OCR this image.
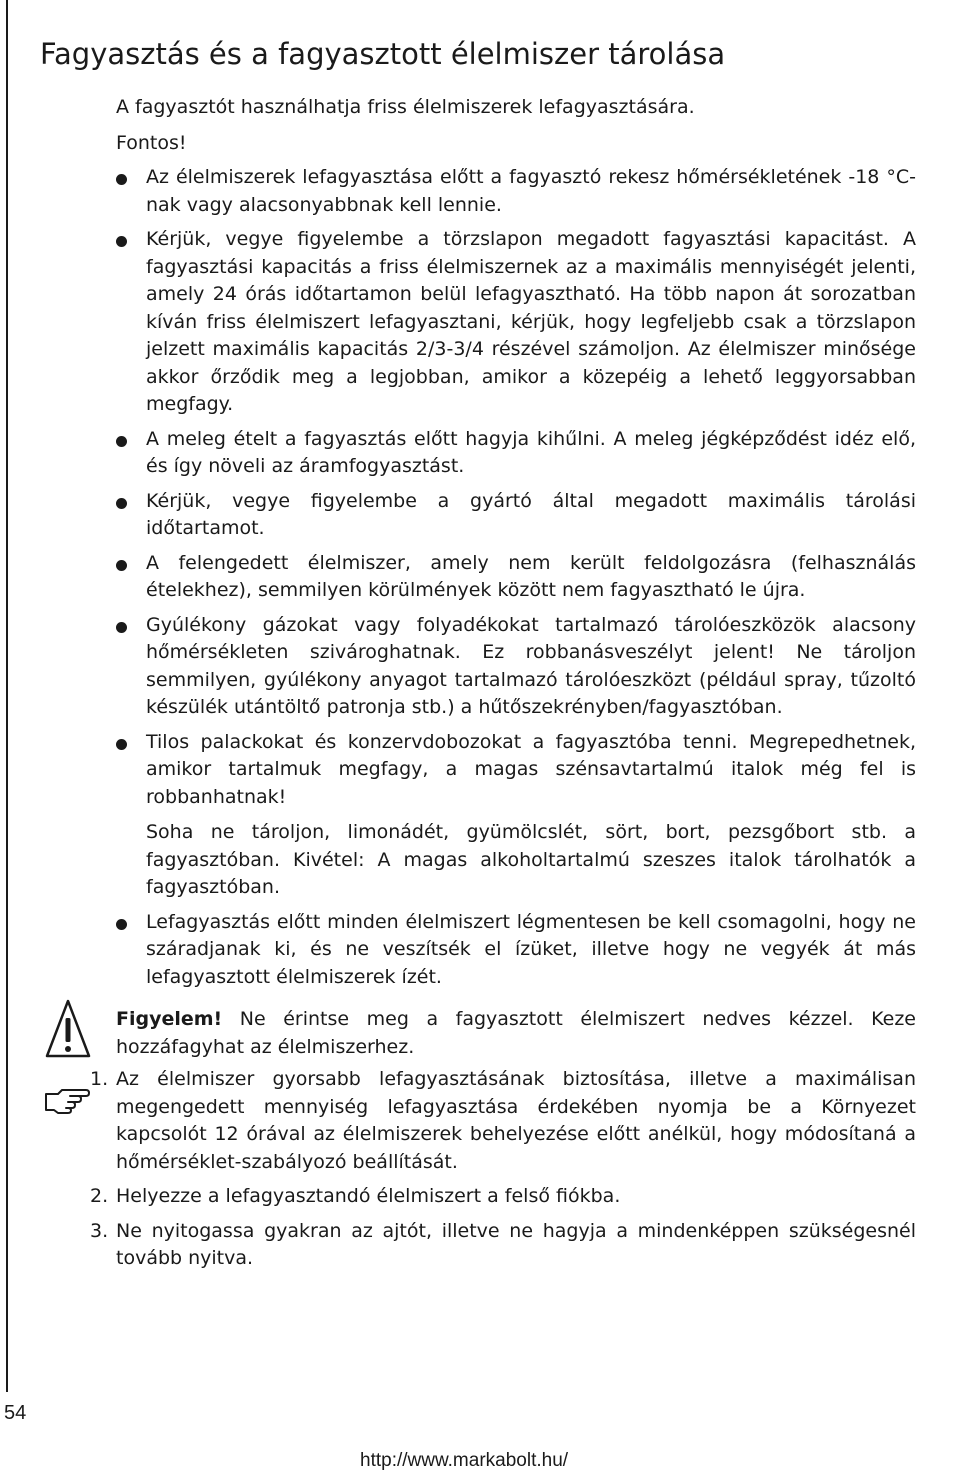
Fagyasztás és a fagyasztott élelmiszer tárolása
A fagyasztót használhatja friss élelmiszerek lefagyasztására.
Fontos!
Az élelmiszerek lefagyasztása előtt a fagyasztó rekesz hőmérsékletének -18 °C-nak vagy alacsonyabbnak kell lennie.
Kérjük, vegye figyelembe a törzslapon megadott fagyasztási kapacitást. A fagyasztási kapacitás a friss élelmiszernek az a maximális mennyiségét jelenti, amely 24 órás időtartamon belül lefagyasztható. Ha több napon át sorozatban kíván friss élelmiszert lefagyasztani, kérjük, hogy legfeljebb csak a törzslapon jelzett maximális kapacitás 2/3-3/4 részével számoljon. Az élelmiszer minősége akkor őrződik meg a legjobban, amikor a közepéig a lehető leggyorsabban megfagy.
A meleg ételt a fagyasztás előtt hagyja kihűlni. A meleg jégképződést idéz elő, és így növeli az áramfogyasztást.
Kérjük, vegye figyelembe a gyártó által megadott maximális tárolási időtartamot.
A felengedett élelmiszer, amely nem került feldolgozásra (felhasználás ételekhez), semmilyen körülmények között nem fagyasztható le újra.
Gyúlékony gázokat vagy folyadékokat tartalmazó tárolóeszközök alacsony hőmérsékleten szivároghatnak. Ez robbanásveszélyt jelent! Ne tároljon semmilyen, gyúlékony anyagot tartalmazó tárolóeszközt (például spray, tűzoltó készülék utántöltő patronja stb.) a hűtőszekrényben/fagyasztóban.
Tilos palackokat és konzervdobozokat a fagyasztóba tenni. Megrepedhetnek, amikor tartalmuk megfagy, a magas szénsavtartalmú italok még fel is robbanhatnak!
Soha ne tároljon, limonádét, gyümölcslét, sört, bort, pezsgőbort stb. a fagyasztóban. Kivétel: A magas alkoholtartalmú szeszes italok tárolhatók a fagyasztóban.
Lefagyasztás előtt minden élelmiszert légmentesen be kell csomagolni, hogy ne száradjanak ki, és ne veszítsék el ízüket, illetve hogy ne vegyék át más lefagyasztott élelmiszerek ízét.
Figyelem! Ne érintse meg a fagyasztott élelmiszert nedves kézzel. Keze hozzáfagyhat az élelmiszerhez.
1. Az élelmiszer gyorsabb lefagyasztásának biztosítása, illetve a maximálisan megengedett mennyiség lefagyasztása érdekében nyomja be a Környezet kapcsolót 12 órával az élelmiszerek behelyezése előtt anélkül, hogy módosítaná a hőmérséklet-szabályozó beállítását.
2. Helyezze a lefagyasztandó élelmiszert a felső fiókba.
3. Ne nyitogassa gyakran az ajtót, illetve ne hagyja a mindenképpen szükségesnél tovább nyitva.
54
http://www.markabolt.hu/
